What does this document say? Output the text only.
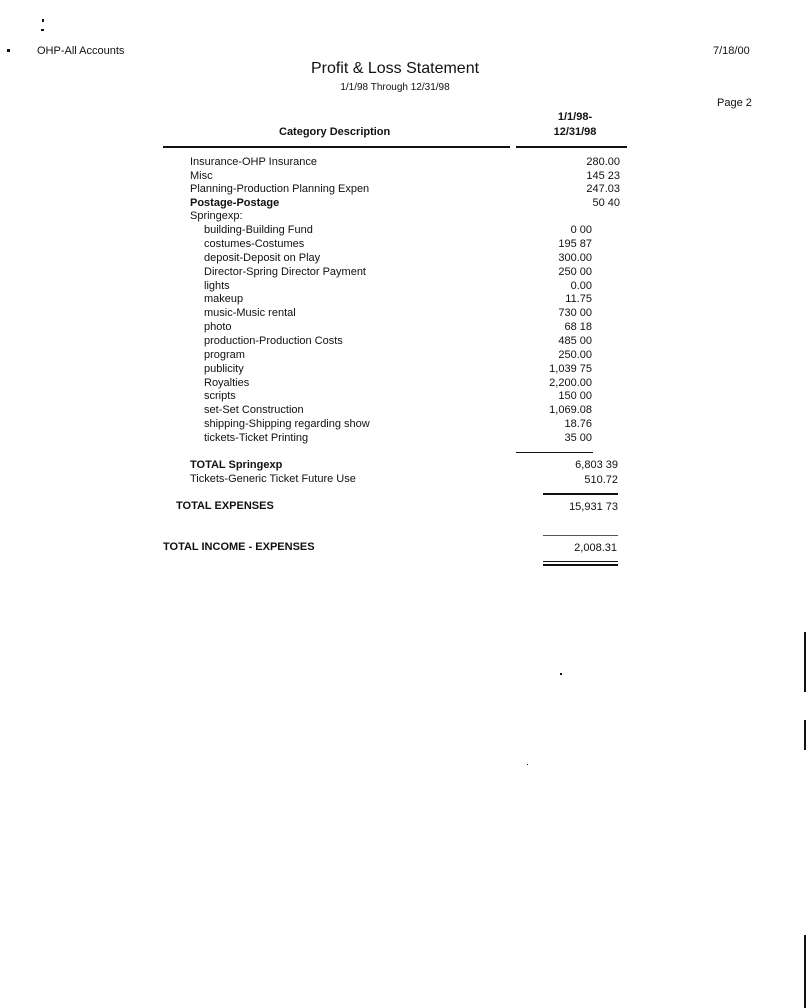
OHP-All Accounts	7/18/00
Profit & Loss Statement
1/1/98 Through 12/31/98
Page 2
Category Description
1/1/98-
12/31/98
Insurance-OHP Insurance
Misc
Planning-Production Planning Expen
Postage-Postage
Springexp:
building-Building Fund
costumes-Costumes
deposit-Deposit on Play
Director-Spring Director Payment
lights
makeup
music-Music rental
photo
production-Production Costs
program
publicity
Royalties
scripts
set-Set Construction
shipping-Shipping regarding show
tickets-Ticket Printing
TOTAL Springexp
Tickets-Generic Ticket Future Use
TOTAL EXPENSES
TOTAL INCOME - EXPENSES
280.00
145 23
247.03
50 40
0 00
195 87
300.00
250 00
0.00
11.75
730 00
68 18
485 00
250.00
1,039 75
2,200.00
150 00
1,069.08
18.76
35 00
6,803 39
510.72
15,931 73
2,008.31
